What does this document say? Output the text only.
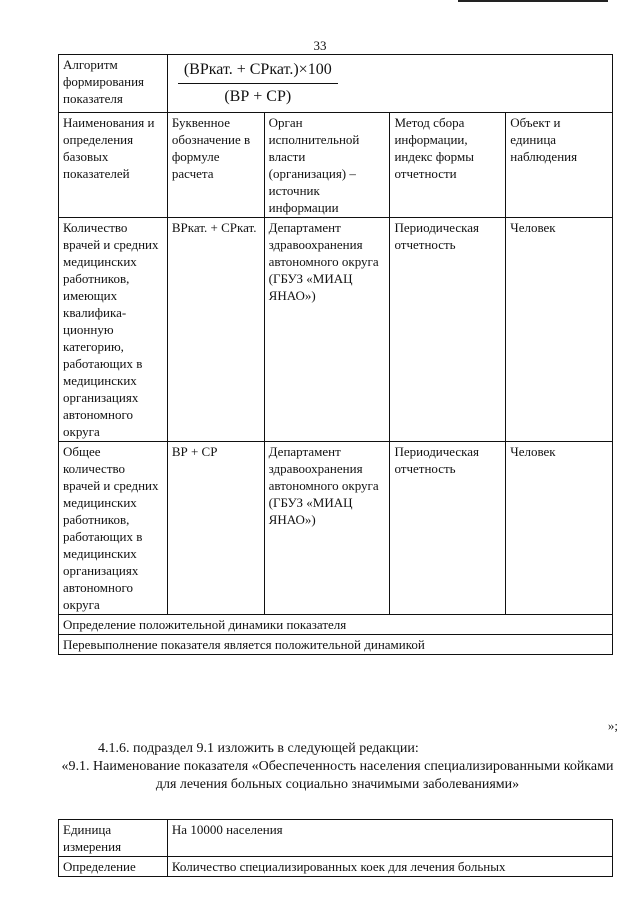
33
Алгоритм формирования показателя	$\frac{\text{(ВРкат. + СРкат.)×100}}{(ВР + СР)}$

Наименования и определения базовых показателей	Буквенное обозначение в формуле расчета	Орган исполнительной власти (организация) – источник информации	Метод сбора информации, индекс формы отчетности	Объект и единица наблюдения
Количество врачей и средних медицинских работников, имеющих квалифика-ционную категорию, работающих в медицинских организациях автономного округа	ВРкат. + СРкат.	Департамент здравоохранения автономного округа (ГБУЗ «МИАЦ ЯНАО»)	Периодическая отчетность	Человек
Общее количество врачей и средних медицинских работников, работающих в медицинских организациях автономного округа	ВР + СР	Департамент здравоохранения автономного округа (ГБУЗ «МИАЦ ЯНАО»)	Периодическая отчетность	Человек
Определение положительной динамики показателя				
Перевыполнение показателя является положительной динамикой				
»;
4.1.6. подраздел 9.1 изложить в следующей редакции:
«9.1. Наименование показателя «Обеспеченность населения специализированными койками для лечения больных социально значимыми заболеваниями»
Единица измерения	На 10000 населения
Определение	Количество специализированных коек для лечения больных
